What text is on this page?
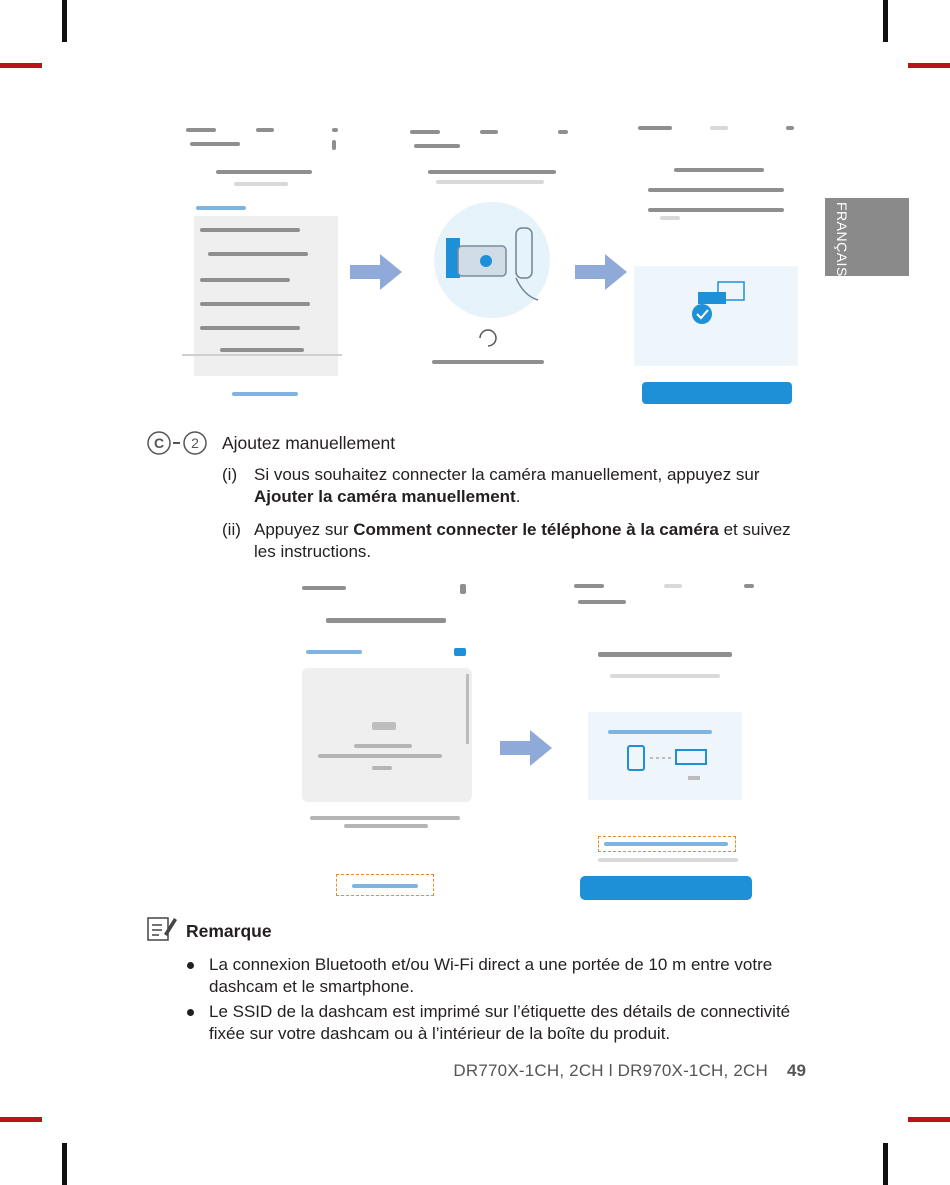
FRANÇAIS
C 2 Ajoutez manuellement
(i) Si vous souhaitez connecter la caméra manuellement, appuyez sur
Ajouter la caméra manuellement.
(ii) Appuyez sur Comment connecter le téléphone à la caméra et suivez
les instructions.
Remarque
La connexion Bluetooth et/ou Wi-Fi direct a une portée de 10 m entre votre
dashcam et le smartphone.
Le SSID de la dashcam est imprimé sur l’étiquette des détails de connectivité
fixée sur votre dashcam ou à l’intérieur de la boîte du produit.
DR770X-1CH, 2CH l DR970X-1CH, 2CH 49
